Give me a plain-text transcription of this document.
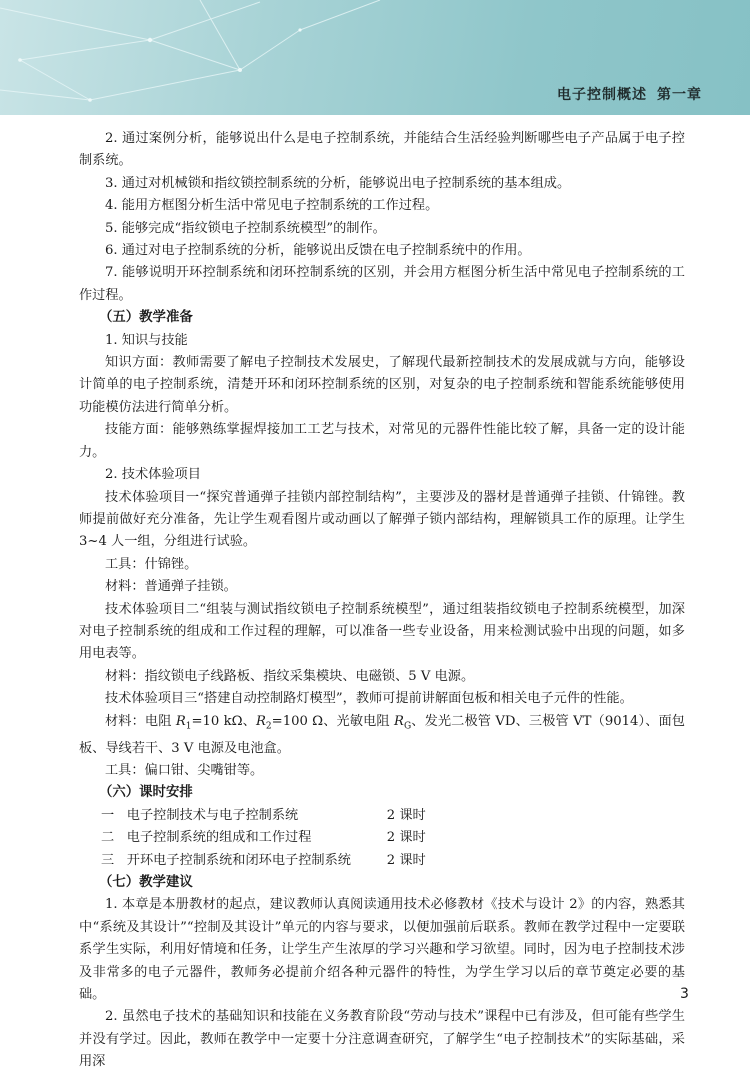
电子控制概述 第一章

2. 通过案例分析，能够说出什么是电子控制系统，并能结合生活经验判断哪些电子产品属于电子控制系统。

3. 通过对机械锁和指纹锁控制系统的分析，能够说出电子控制系统的基本组成。

4. 能用方框图分析生活中常见电子控制系统的工作过程。

5. 能够完成“指纹锁电子控制系统模型”的制作。

6. 通过对电子控制系统的分析，能够说出反馈在电子控制系统中的作用。

7. 能够说明开环控制系统和闭环控制系统的区别，并会用方框图分析生活中常见电子控制系统的工作过程。

（五）教学准备

1. 知识与技能

知识方面：教师需要了解电子控制技术发展史，了解现代最新控制技术的发展成就与方向，能够设计简单的电子控制系统，清楚开环和闭环控制系统的区别，对复杂的电子控制系统和智能系统能够使用功能模仿法进行简单分析。

技能方面：能够熟练掌握焊接加工工艺与技术，对常见的元器件性能比较了解，具备一定的设计能力。

2. 技术体验项目

技术体验项目一“探究普通弹子挂锁内部控制结构”，主要涉及的器材是普通弹子挂锁、什锦锉。教师提前做好充分准备，先让学生观看图片或动画以了解弹子锁内部结构，理解锁具工作的原理。让学生 3~4 人一组，分组进行试验。

工具：什锦锉。

材料：普通弹子挂锁。

技术体验项目二“组装与测试指纹锁电子控制系统模型”，通过组装指纹锁电子控制系统模型，加深对电子控制系统的组成和工作过程的理解，可以准备一些专业设备，用来检测试验中出现的问题，如多用电表等。

材料：指纹锁电子线路板、指纹采集模块、电磁锁、5 V 电源。

技术体验项目三“搭建自动控制路灯模型”，教师可提前讲解面包板和相关电子元件的性能。

材料：电阻 $R_1=10$ kΩ、$R_2=100$ Ω、光敏电阻 $R_G$、发光二极管 VD、三极管 VT（9014）、面包板、导线若干、3 V 电源及电池盒。

工具：偏口钳、尖嘴钳等。

（六）课时安排

一 电子控制技术与电子控制系统	2 课时

二 电子控制系统的组成和工作过程	2 课时

三 开环电子控制系统和闭环电子控制系统	2 课时

（七）教学建议

1. 本章是本册教材的起点，建议教师认真阅读通用技术必修教材《技术与设计 2》的内容，熟悉其中“系统及其设计”“控制及其设计”单元的内容与要求，以便加强前后联系。教师在教学过程中一定要联系学生实际，利用好情境和任务，让学生产生浓厚的学习兴趣和学习欲望。同时，因为电子控制技术涉及非常多的电子元器件，教师务必提前介绍各种元器件的特性，为学生学习以后的章节奠定必要的基础。

2. 虽然电子技术的基础知识和技能在义务教育阶段“劳动与技术”课程中已有涉及，但可能有些学生并没有学过。因此，教师在教学中一定要十分注意调查研究，了解学生“电子控制技术”的实际基础，采用深

3
